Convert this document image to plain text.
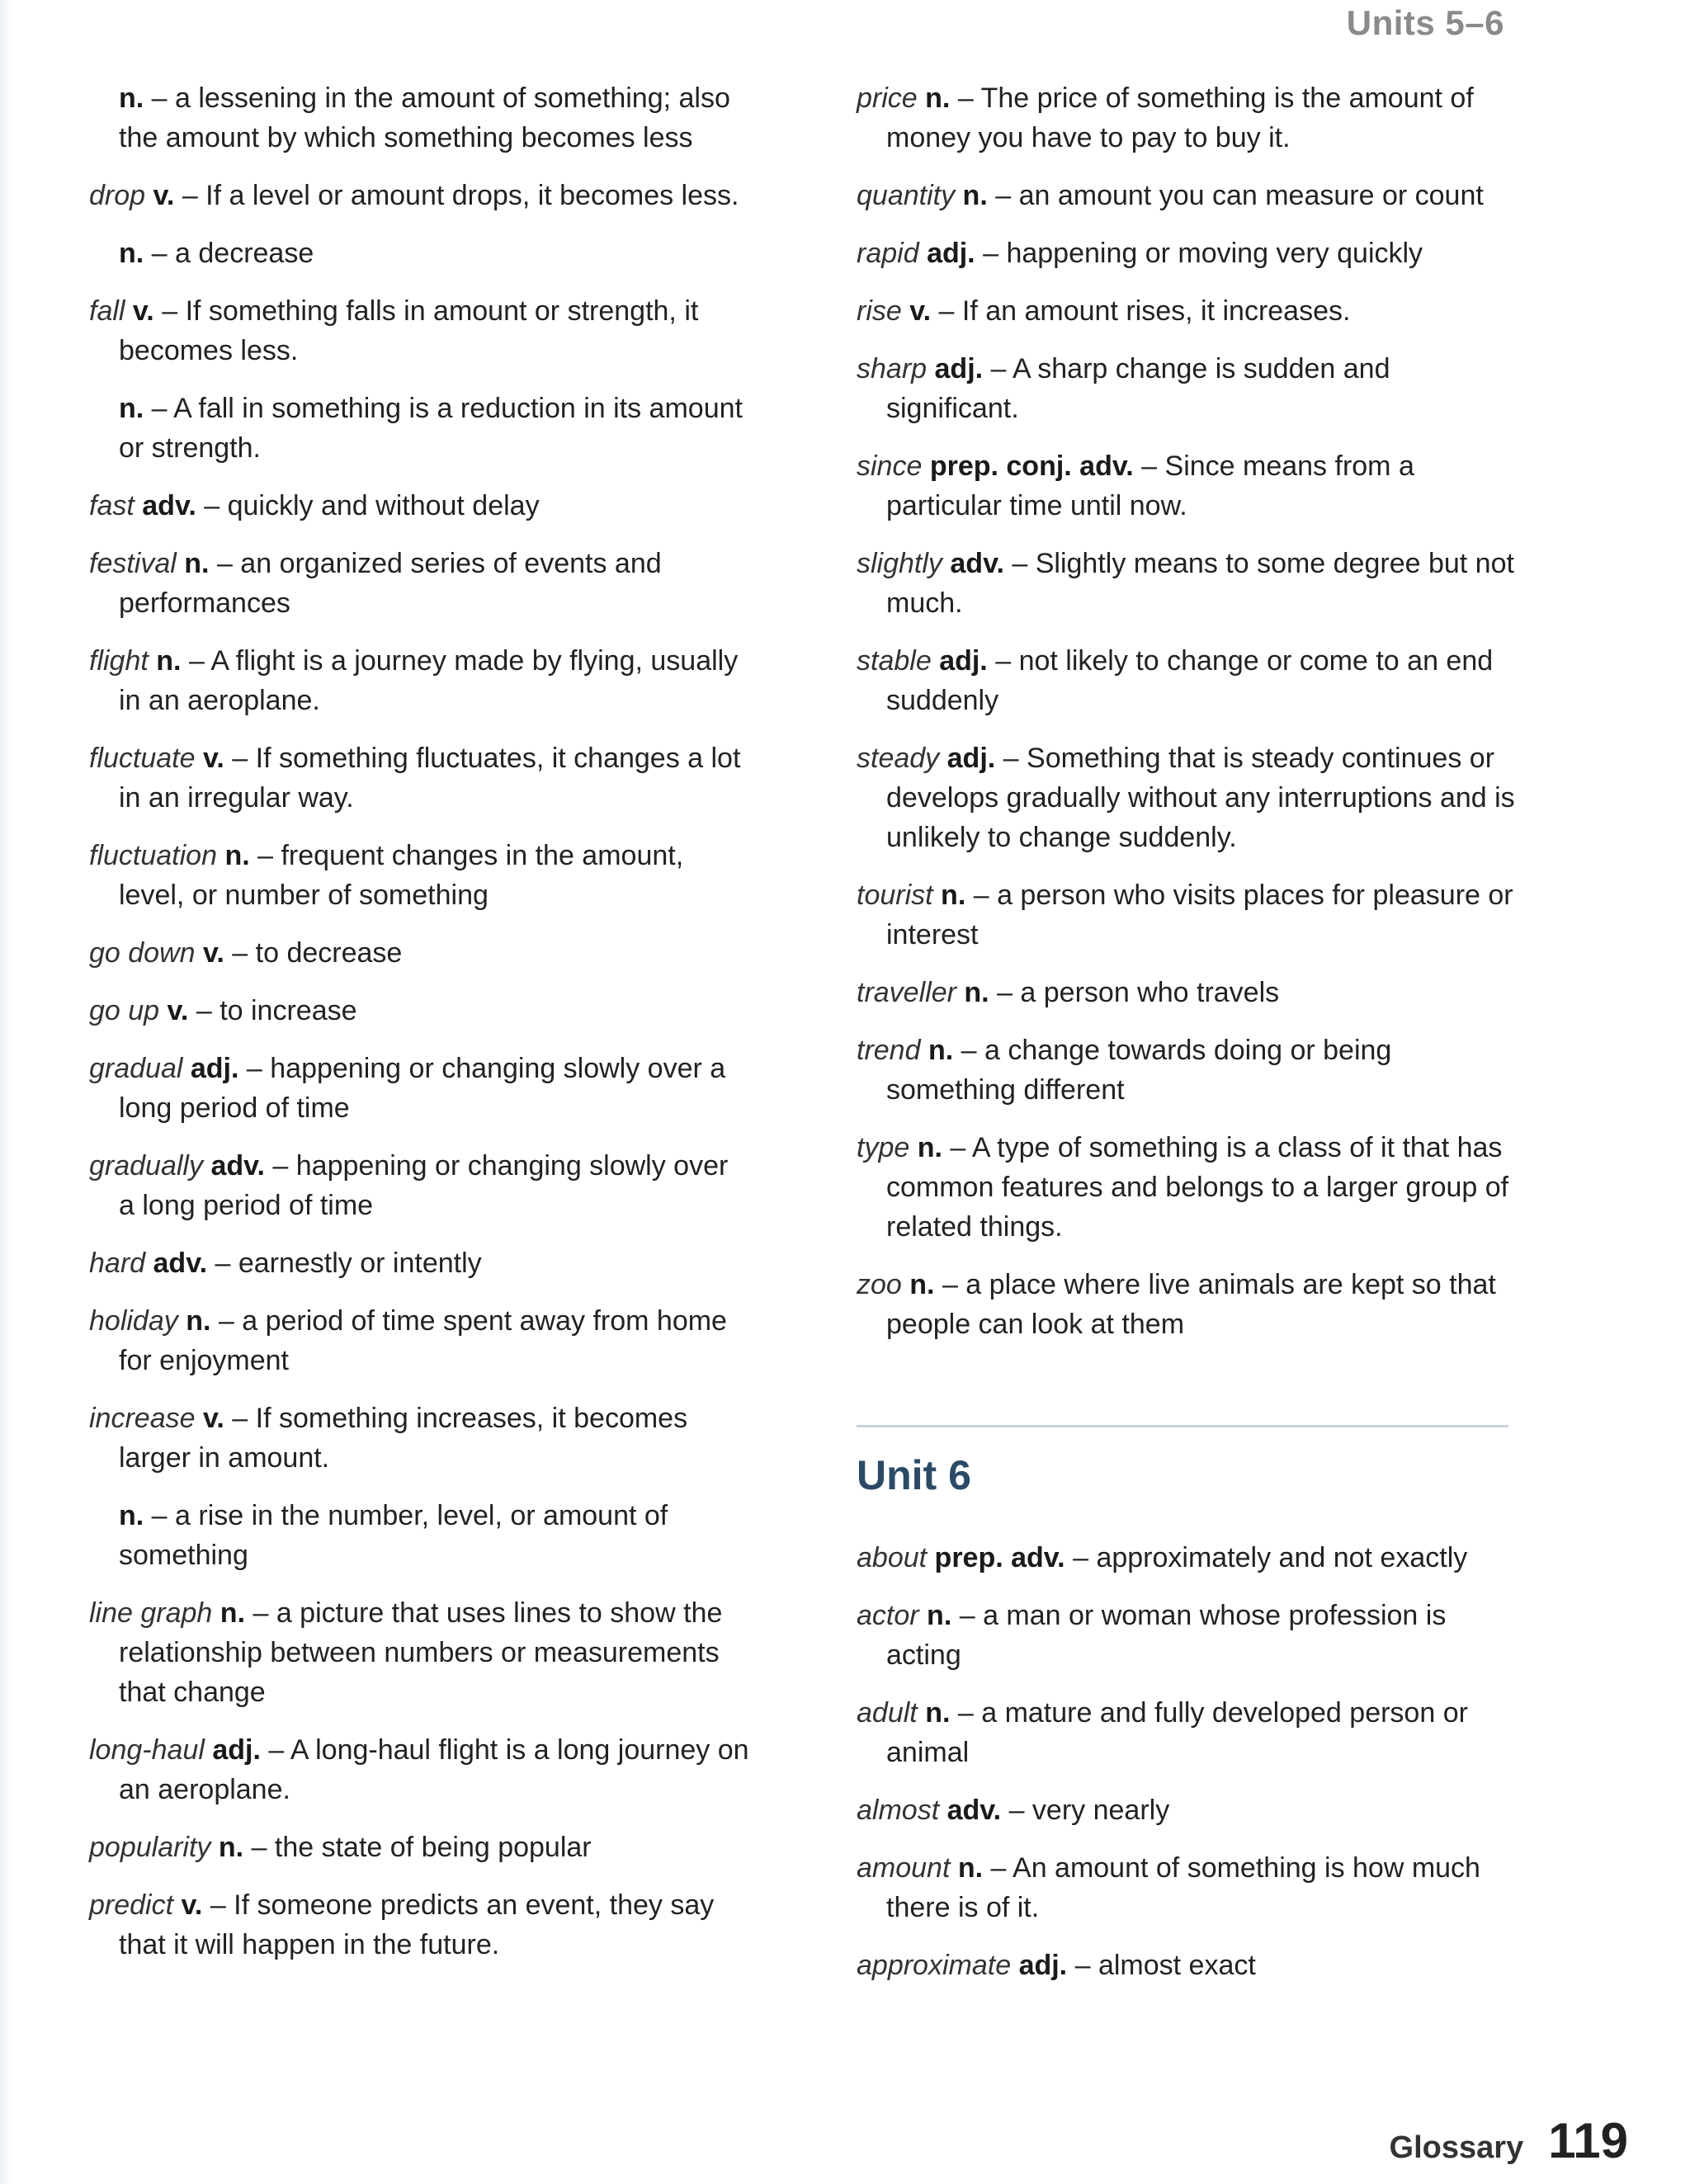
Units 5–6

n. – a lessening in the amount of something; also the amount by which something becomes less

drop v. – If a level or amount drops, it becomes less.

n. – a decrease

fall v. – If something falls in amount or strength, it becomes less.

n. – A fall in something is a reduction in its amount or strength.

fast adv. – quickly and without delay

festival n. – an organized series of events and performances

flight n. – A flight is a journey made by flying, usually in an aeroplane.

fluctuate v. – If something fluctuates, it changes a lot in an irregular way.

fluctuation n. – frequent changes in the amount, level, or number of something

go down v. – to decrease

go up v. – to increase

gradual adj. – happening or changing slowly over a long period of time

gradually adv. – happening or changing slowly over a long period of time

hard adv. – earnestly or intently

holiday n. – a period of time spent away from home for enjoyment

increase v. – If something increases, it becomes larger in amount.

n. – a rise in the number, level, or amount of something

line graph n. – a picture that uses lines to show the relationship between numbers or measurements that change

long-haul adj. – A long-haul flight is a long journey on an aeroplane.

popularity n. – the state of being popular

predict v. – If someone predicts an event, they say that it will happen in the future.

price n. – The price of something is the amount of money you have to pay to buy it.

quantity n. – an amount you can measure or count

rapid adj. – happening or moving very quickly

rise v. – If an amount rises, it increases.

sharp adj. – A sharp change is sudden and significant.

since prep. conj. adv. – Since means from a particular time until now.

slightly adv. – Slightly means to some degree but not much.

stable adj. – not likely to change or come to an end suddenly

steady adj. – Something that is steady continues or develops gradually without any interruptions and is unlikely to change suddenly.

tourist n. – a person who visits places for pleasure or interest

traveller n. – a person who travels

trend n. – a change towards doing or being something different

type n. – A type of something is a class of it that has common features and belongs to a larger group of related things.

zoo n. – a place where live animals are kept so that people can look at them

Unit 6

about prep. adv. – approximately and not exactly

actor n. – a man or woman whose profession is acting

adult n. – a mature and fully developed person or animal

almost adv. – very nearly

amount n. – An amount of something is how much there is of it.

approximate adj. – almost exact

Glossary 119
